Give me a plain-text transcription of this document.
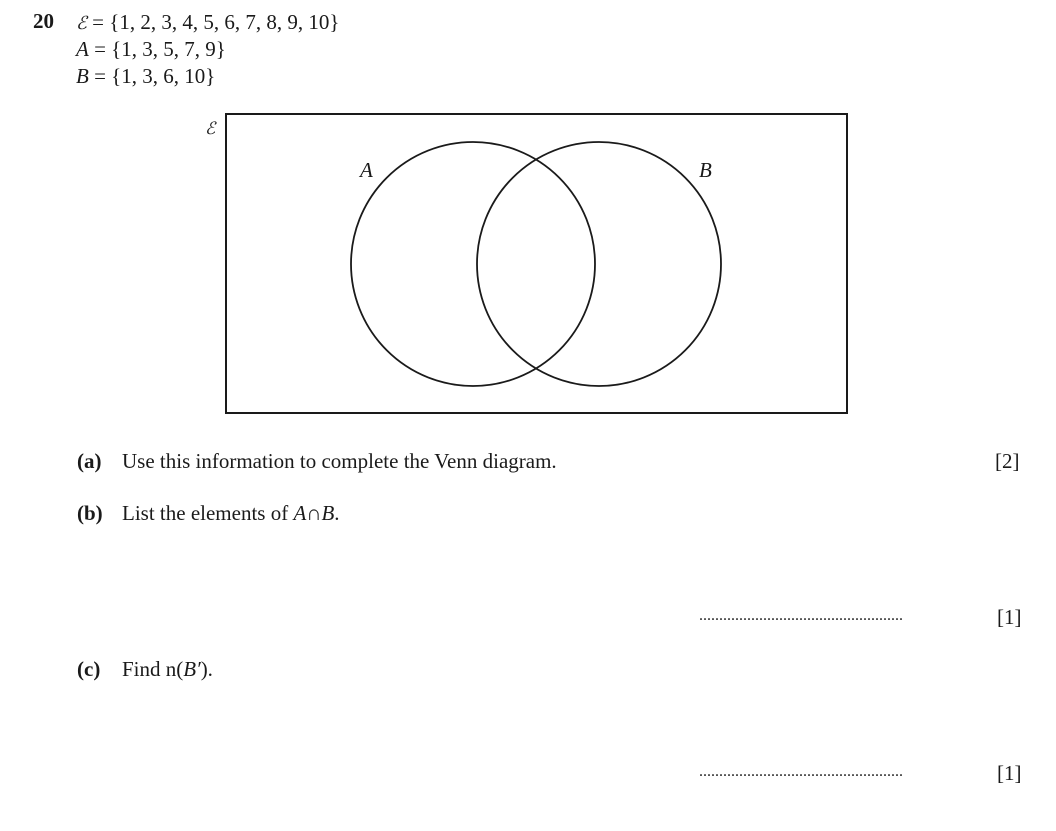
20 ℰ = {1, 2, 3, 4, 5, 6, 7, 8, 9, 10}
A = {1, 3, 5, 7, 9}
B = {1, 3, 6, 10}
ℰ
A	B
(a) Use this information to complete the Venn diagram.	[2]
(b) List the elements of A∩B.
...................................................	[1]
(c) Find n(B′).
...................................................	[1]
